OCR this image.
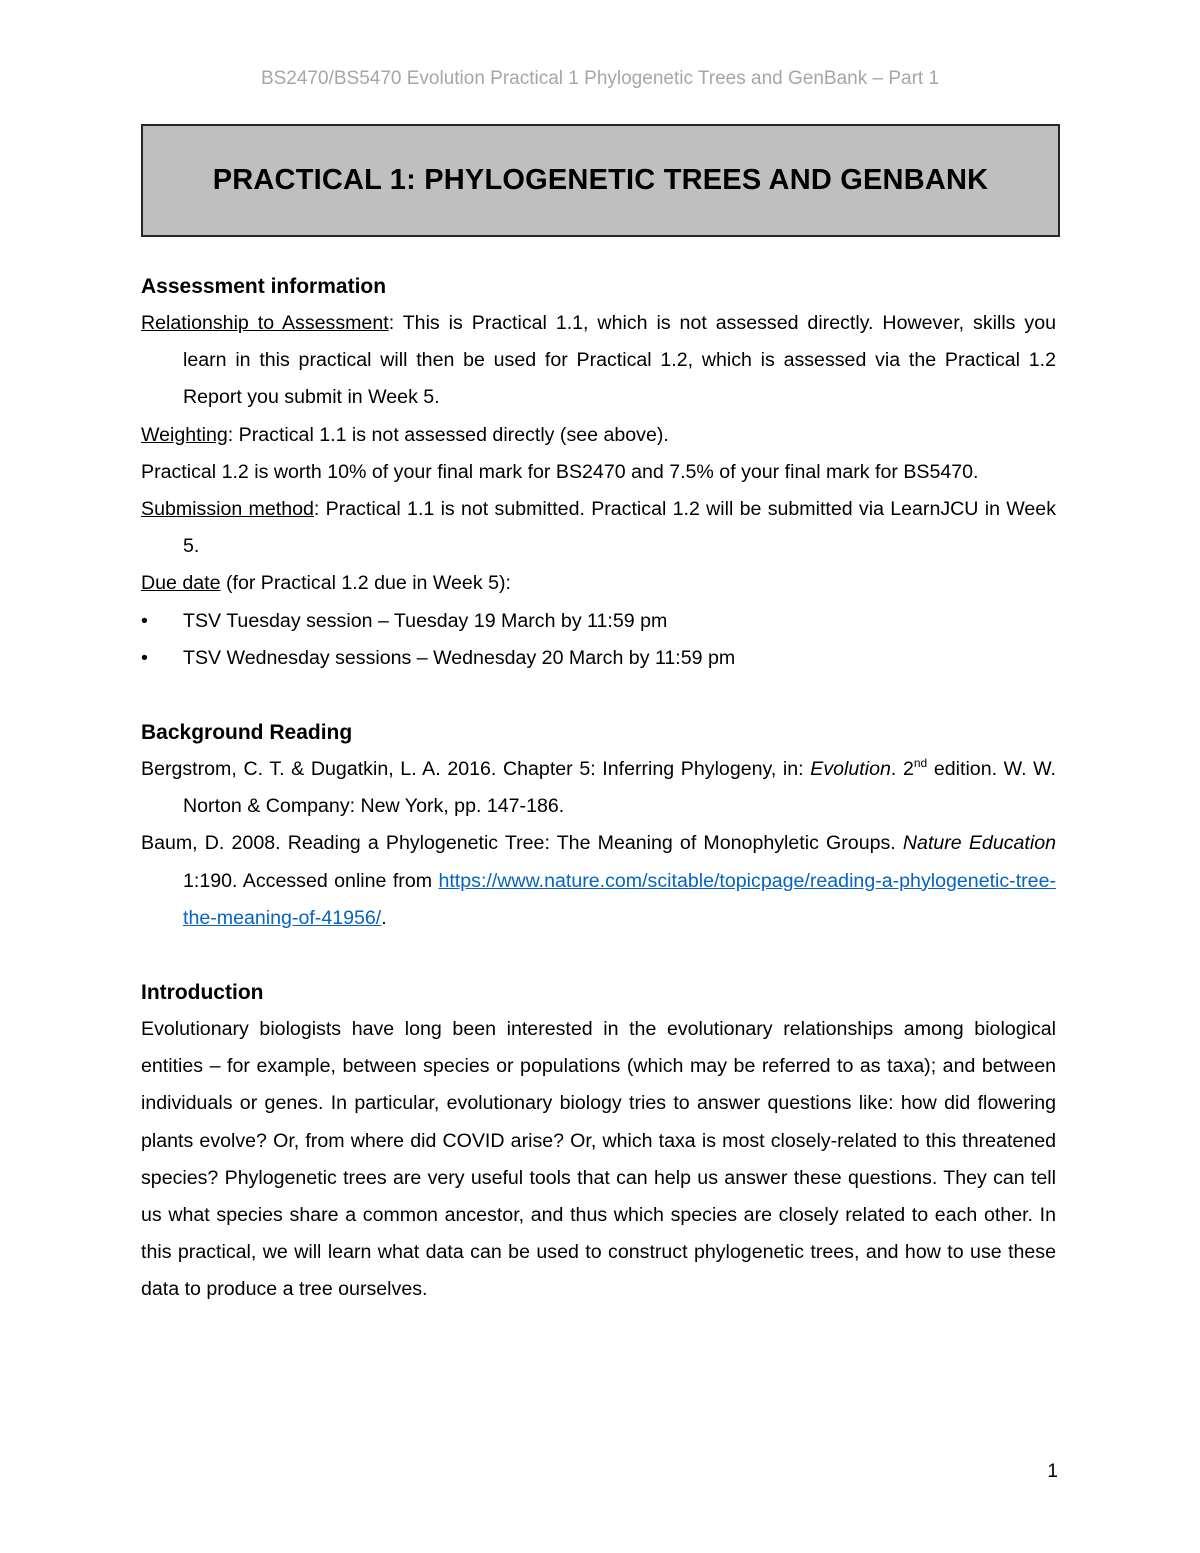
BS2470/BS5470 Evolution Practical 1 Phylogenetic Trees and GenBank – Part 1
PRACTICAL 1: PHYLOGENETIC TREES AND GENBANK
Assessment information

Relationship to Assessment: This is Practical 1.1, which is not assessed directly. However, skills you learn in this practical will then be used for Practical 1.2, which is assessed via the Practical 1.2 Report you submit in Week 5.

Weighting: Practical 1.1 is not assessed directly (see above).

Practical 1.2 is worth 10% of your final mark for BS2470 and 7.5% of your final mark for BS5470.

Submission method: Practical 1.1 is not submitted. Practical 1.2 will be submitted via LearnJCU in Week 5.

Due date (for Practical 1.2 due in Week 5):

• TSV Tuesday session – Tuesday 19 March by 11:59 pm
• TSV Wednesday sessions – Wednesday 20 March by 11:59 pm
Background Reading

Bergstrom, C. T. & Dugatkin, L. A. 2016. Chapter 5: Inferring Phylogeny, in: Evolution. 2nd edition. W. W. Norton & Company: New York, pp. 147-186.

Baum, D. 2008. Reading a Phylogenetic Tree: The Meaning of Monophyletic Groups. Nature Education 1:190. Accessed online from https://www.nature.com/scitable/topicpage/reading-a-phylogenetic-tree-the-meaning-of-41956/.

Introduction

Evolutionary biologists have long been interested in the evolutionary relationships among biological entities – for example, between species or populations (which may be referred to as taxa); and between individuals or genes. In particular, evolutionary biology tries to answer questions like: how did flowering plants evolve? Or, from where did COVID arise? Or, which taxa is most closely-related to this threatened species? Phylogenetic trees are very useful tools that can help us answer these questions. They can tell us what species share a common ancestor, and thus which species are closely related to each other. In this practical, we will learn what data can be used to construct phylogenetic trees, and how to use these data to produce a tree ourselves.

1
